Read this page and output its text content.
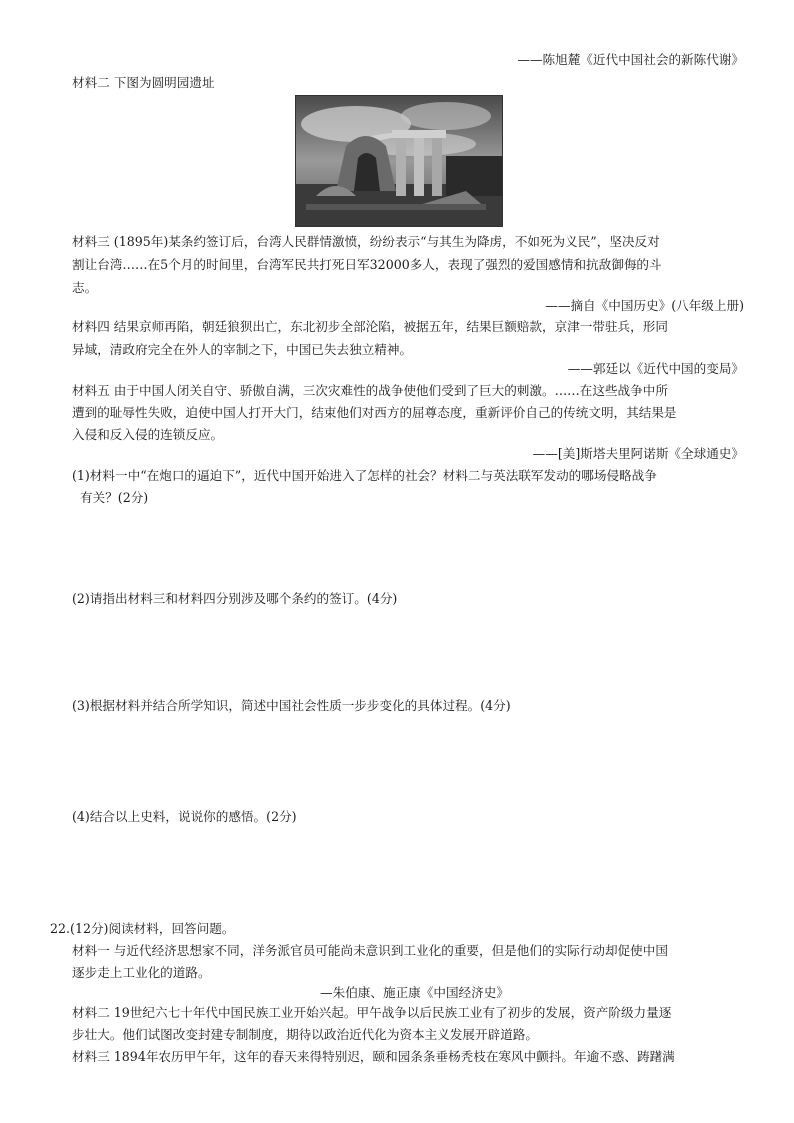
——陈旭麓《近代中国社会的新陈代谢》
材料二 下图为圆明园遗址
材料三 (1895年)某条约签订后，台湾人民群情激愤，纷纷表示“与其生为降虏，不如死为义民”，坚决反对
割让台湾……在5个月的时间里，台湾军民共打死日军32000多人，表现了强烈的爱国感情和抗敌御侮的斗
志。
——摘自《中国历史》(八年级上册)
材料四 结果京师再陷，朝廷狼狈出亡，东北初步全部沦陷，被据五年，结果巨额赔款，京津一带驻兵，形同
异域，清政府完全在外人的宰制之下，中国已失去独立精神。
——郭廷以《近代中国的变局》
材料五 由于中国人闭关自守、骄傲自满，三次灾难性的战争使他们受到了巨大的刺激。……在这些战争中所
遭到的耻辱性失败，迫使中国人打开大门，结束他们对西方的屈尊态度，重新评价自己的传统文明，其结果是
入侵和反入侵的连锁反应。
——[美]斯塔夫里阿诺斯《全球通史》
(1)材料一中“在炮口的逼迫下”，近代中国开始进入了怎样的社会？材料二与英法联军发动的哪场侵略战争
有关？(2分)
(2)请指出材料三和材料四分别涉及哪个条约的签订。(4分)
(3)根据材料并结合所学知识，简述中国社会性质一步步变化的具体过程。(4分)
(4)结合以上史料，说说你的感悟。(2分)
22.(12分)阅读材料，回答问题。
材料一 与近代经济思想家不同，洋务派官员可能尚未意识到工业化的重要，但是他们的实际行动却促使中国
逐步走上工业化的道路。
—朱伯康、施正康《中国经济史》
材料二 19世纪六七十年代中国民族工业开始兴起。甲午战争以后民族工业有了初步的发展，资产阶级力量逐
步壮大。他们试图改变封建专制制度，期待以政治近代化为资本主义发展开辟道路。
材料三 1894年农历甲午年，这年的春天来得特别迟，颐和园条条垂杨秃枝在寒风中颤抖。年逾不惑、踌躇满
